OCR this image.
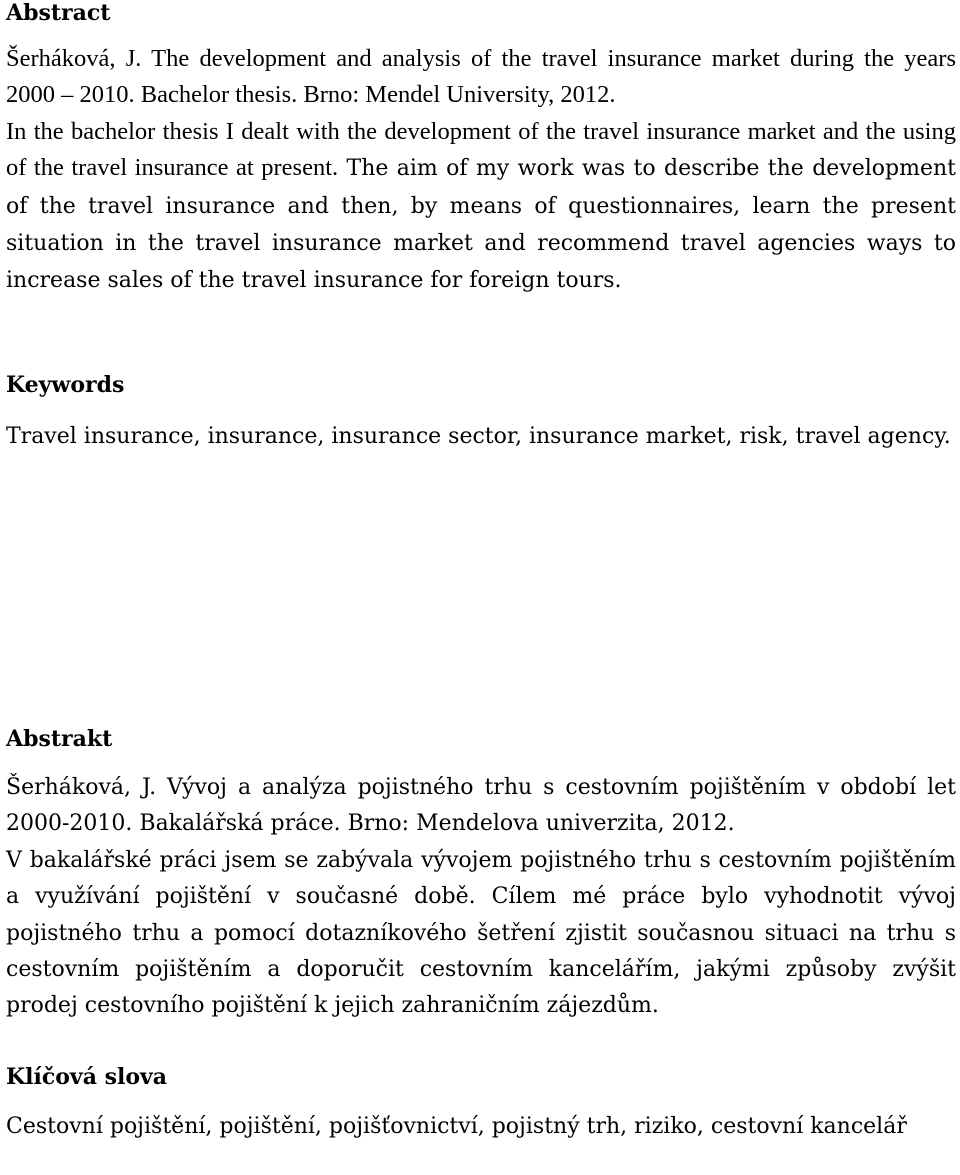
Abstract

Šerháková, J. The development and analysis of the travel insurance market during the years 2000 – 2010. Bachelor thesis. Brno: Mendel University, 2012.

In the bachelor thesis I dealt with the development of the travel insurance market and the using of the travel insurance at present. The aim of my work was to describe the development of the travel insurance and then, by means of questionnaires, learn the present situation in the travel insurance market and recommend travel agencies ways to increase sales of the travel insurance for foreign tours.

Keywords

Travel insurance, insurance, insurance sector, insurance market, risk, travel agency.

Abstrakt

Šerháková, J. Vývoj a analýza pojistného trhu s cestovním pojištěním v období let 2000-2010. Bakalářská práce. Brno: Mendelova univerzita, 2012.

V bakalářské práci jsem se zabývala vývojem pojistného trhu s cestovním pojištěním a využívání pojištění v současné době. Cílem mé práce bylo vyhodnotit vývoj pojistného trhu a pomocí dotazníkového šetření zjistit současnou situaci na trhu s cestovním pojištěním a doporučit cestovním kancelářím, jakými způsoby zvýšit prodej cestovního pojištění k jejich zahraničním zájezdům.

Klíčová slova

Cestovní pojištění, pojištění, pojišťovnictví, pojistný trh, riziko, cestovní kancelář
